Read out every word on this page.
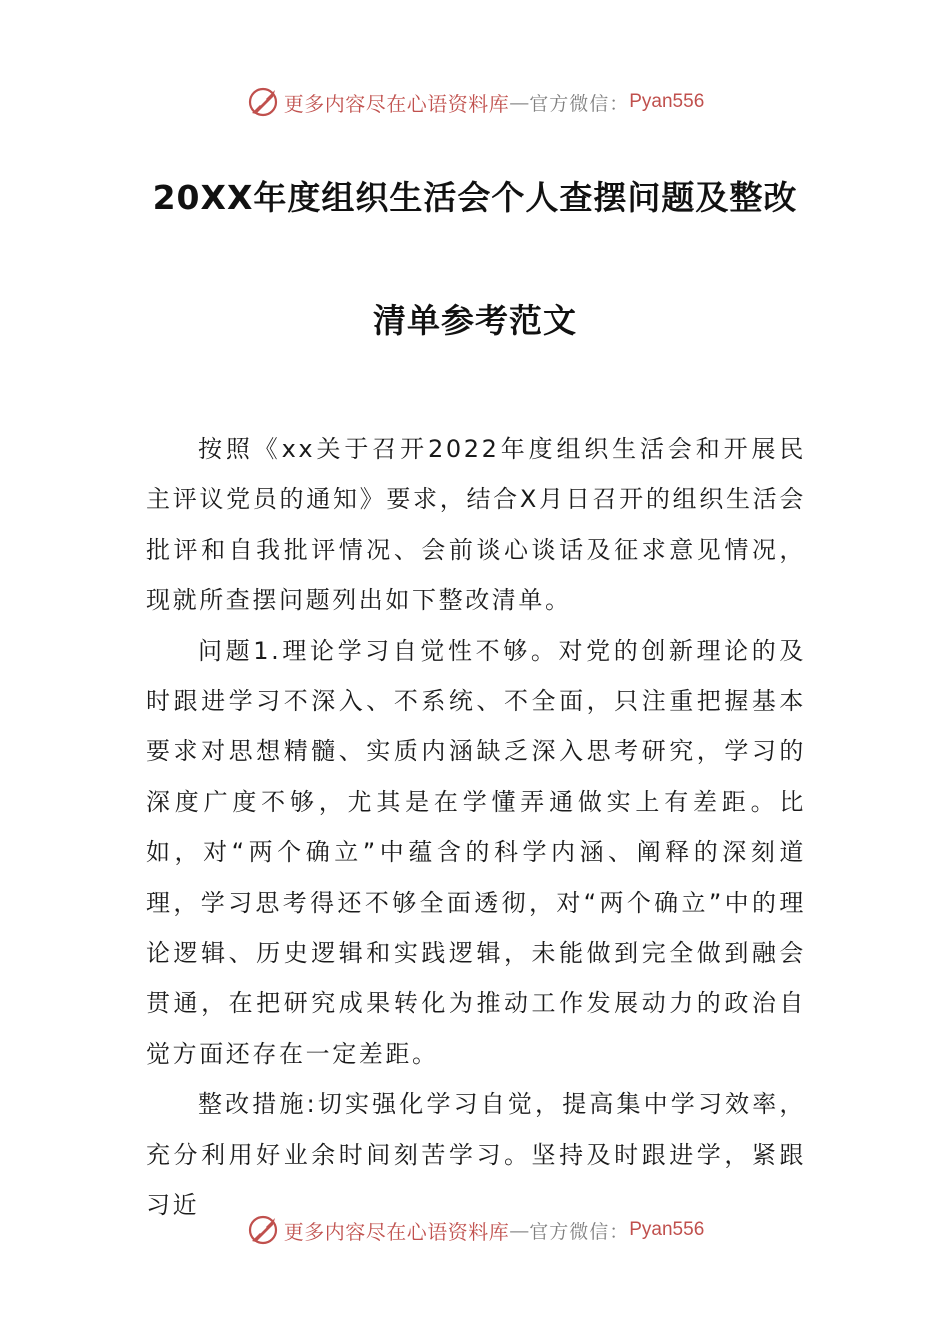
更多内容尽在心语资料库 — 官方微信： Pyan556
20XX年度组织生活会个人查摆问题及整改
清单参考范文

按照《xx关于召开2022年度组织生活会和开展民主评议党员的通知》要求，结合X月日召开的组织生活会批评和自我批评情况、会前谈心谈话及征求意见情况，现就所查摆问题列出如下整改清单。

问题1.理论学习自觉性不够。对党的创新理论的及时跟进学习不深入、不系统、不全面，只注重把握基本要求对思想精髓、实质内涵缺乏深入思考研究，学习的深度广度不够，尤其是在学懂弄通做实上有差距。比如，对“两个确立”中蕴含的科学内涵、阐释的深刻道理，学习思考得还不够全面透彻，对“两个确立”中的理论逻辑、历史逻辑和实践逻辑，未能做到完全做到融会贯通，在把研究成果转化为推动工作发展动力的政治自觉方面还存在一定差距。

整改措施:切实强化学习自觉，提高集中学习效率，充分利用好业余时间刻苦学习。坚持及时跟进学，紧跟习近

更多内容尽在心语资料库 — 官方微信： Pyan556
